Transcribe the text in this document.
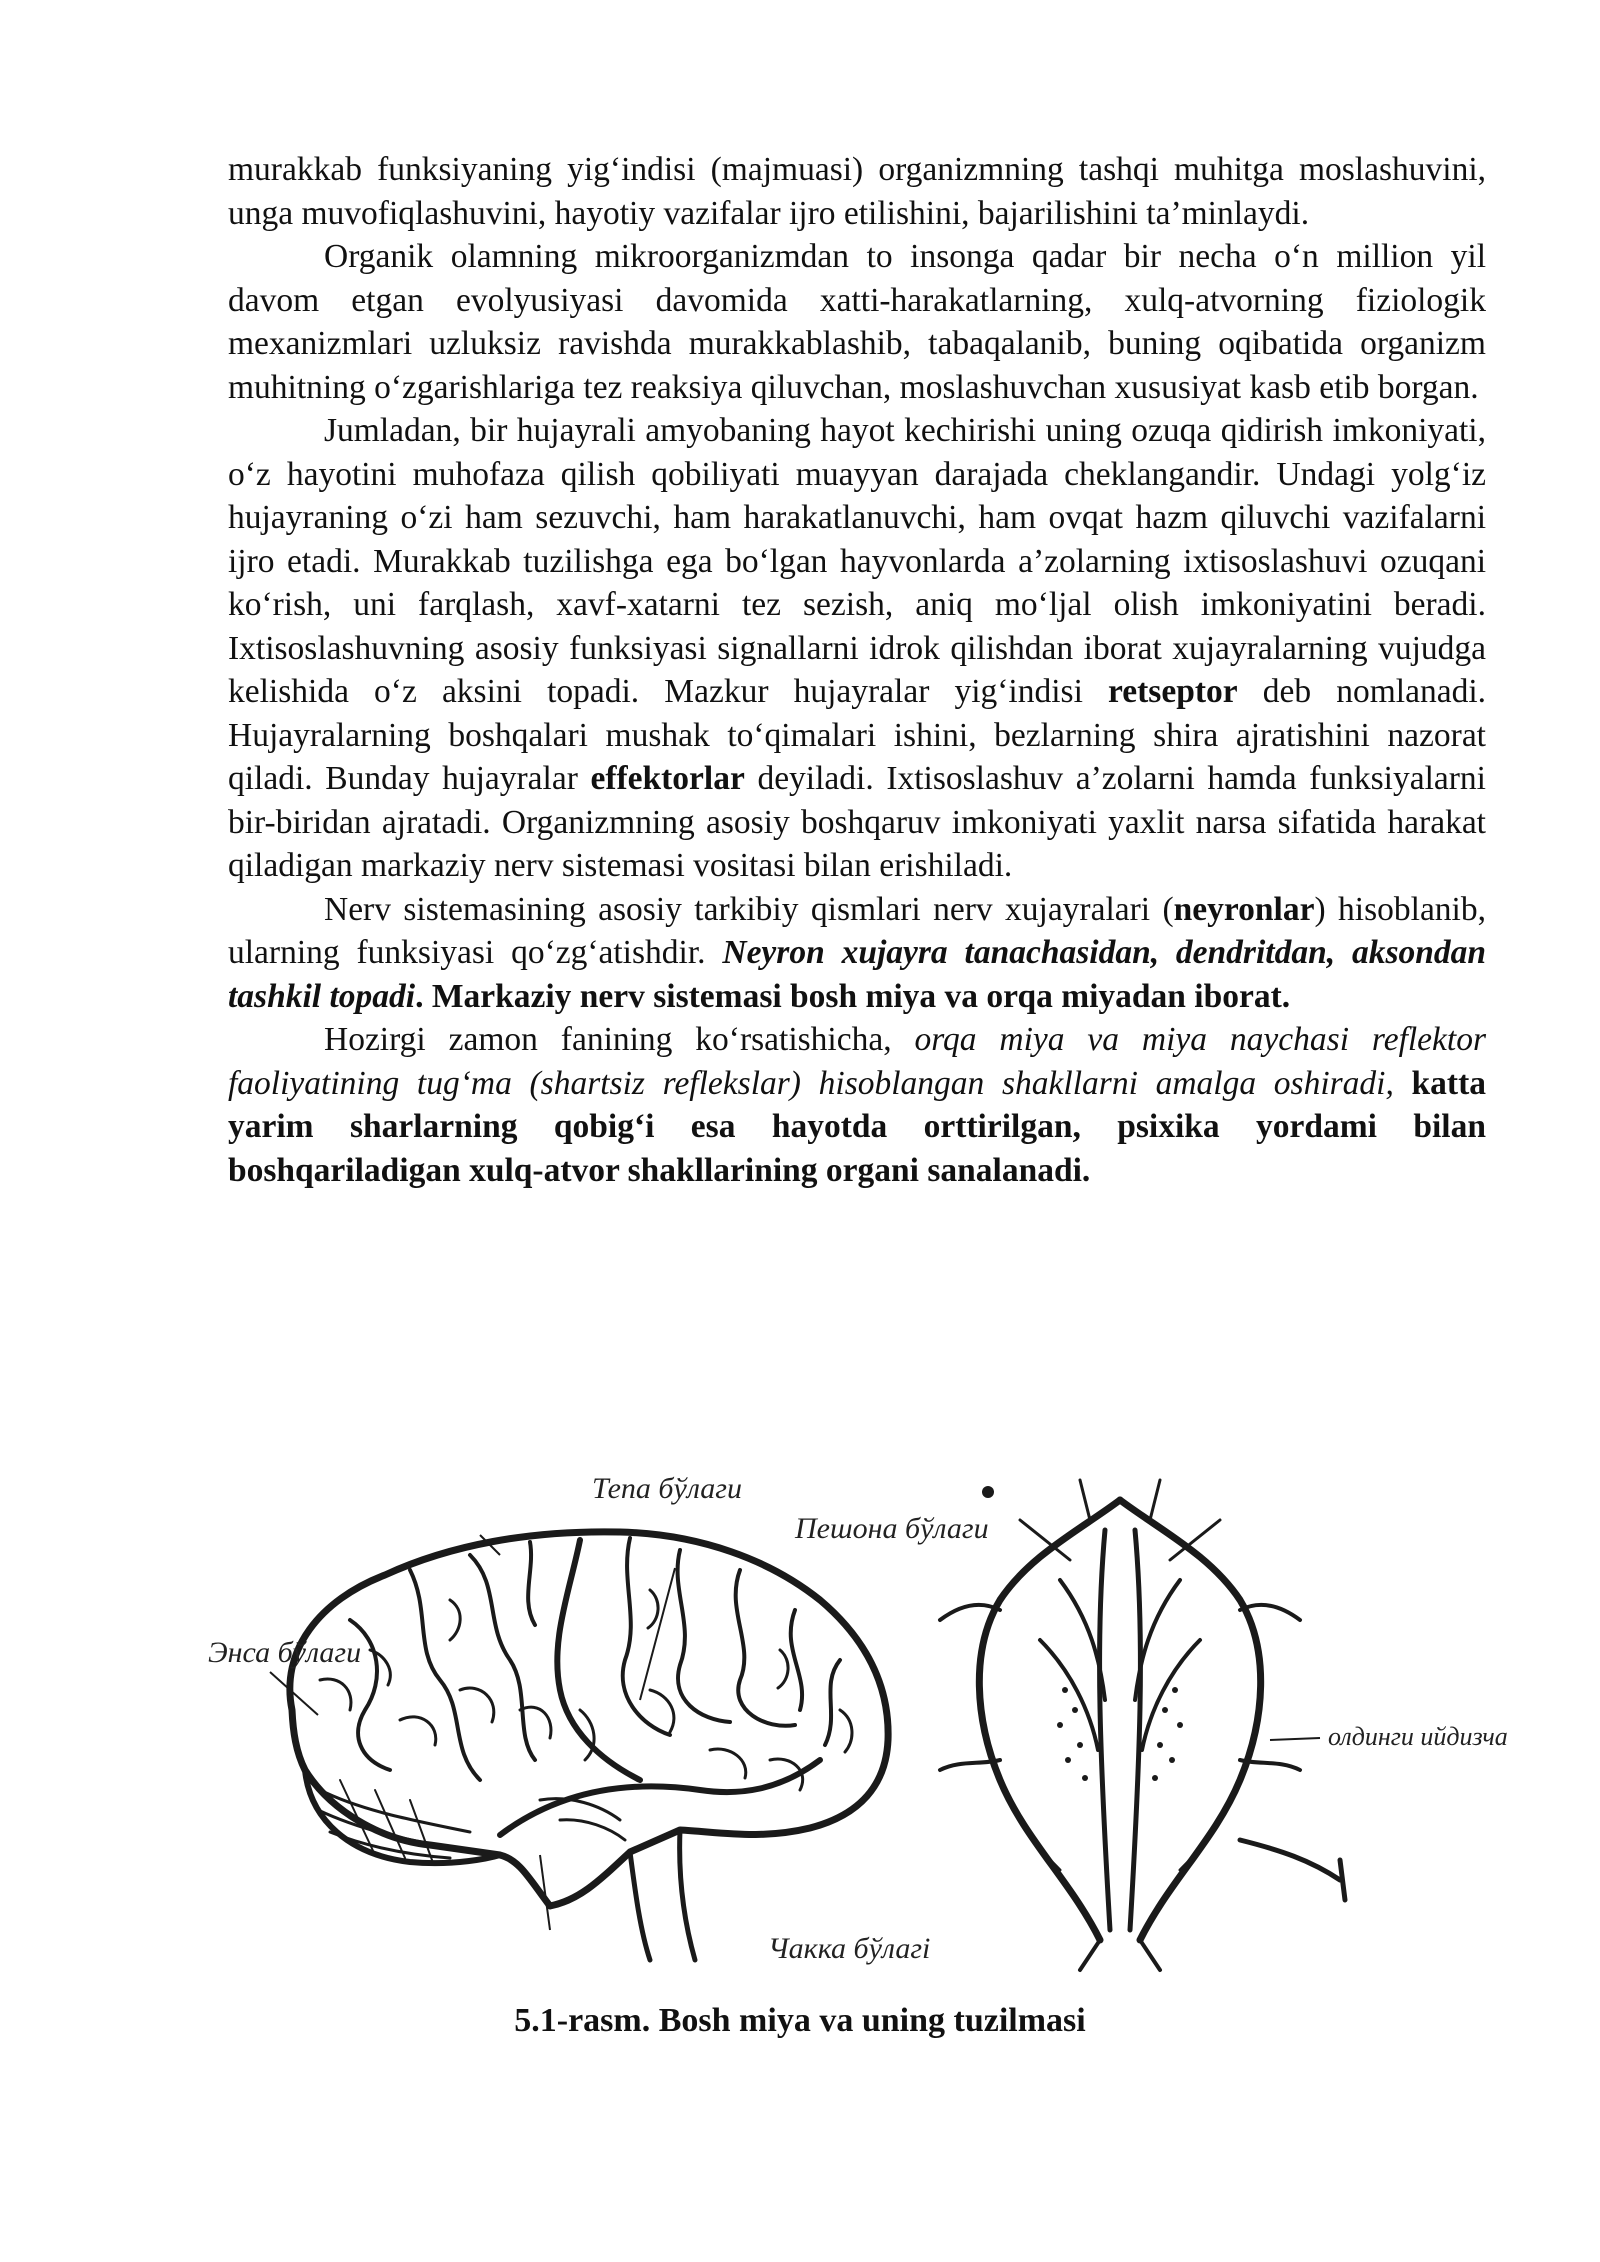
murakkab funksiyaning yig‘indisi (majmuasi) organizmning tashqi muhitga moslashuvini, unga muvofiqlashuvini, hayotiy vazifalar ijro etilishini, bajarilishini ta’minlaydi.

Organik olamning mikroorganizmdan to insonga qadar bir necha o‘n million yil davom etgan evolyusiyasi davomida xatti-harakatlarning, xulq-atvorning fiziologik mexanizmlari uzluksiz ravishda murakkablashib, tabaqalanib, buning oqibatida organizm muhitning o‘zgarishlariga tez reaksiya qiluvchan, moslashuvchan xususiyat kasb etib borgan.

Jumladan, bir hujayrali amyobaning hayot kechirishi uning ozuqa qidirish imkoniyati, o‘z hayotini muhofaza qilish qobiliyati muayyan darajada cheklangandir. Undagi yolg‘iz hujayraning o‘zi ham sezuvchi, ham harakatlanuvchi, ham ovqat hazm qiluvchi vazifalarni ijro etadi. Murakkab tuzilishga ega bo‘lgan hayvonlarda a’zolarning ixtisoslashuvi ozuqani ko‘rish, uni farqlash, xavf-xatarni tez sezish, aniq mo‘ljal olish imkoniyatini beradi. Ixtisoslashuvning asosiy funksiyasi signallarni idrok qilishdan iborat xujayralarning vujudga kelishida o‘z aksini topadi. Mazkur hujayralar yig‘indisi retseptor deb nomlanadi. Hujayralarning boshqalari mushak to‘qimalari ishini, bezlarning shira ajratishini nazorat qiladi. Bunday hujayralar effektorlar deyiladi. Ixtisoslashuv a’zolarni hamda funksiyalarni bir-biridan ajratadi. Organizmning asosiy boshqaruv imkoniyati yaxlit narsa sifatida harakat qiladigan markaziy nerv sistemasi vositasi bilan erishiladi.

Nerv sistemasining asosiy tarkibiy qismlari nerv xujayralari (neyronlar) hisoblanib, ularning funksiyasi qo‘zg‘atishdir. Neyron xujayra tanachasidan, dendritdan, aksondan tashkil topadi. Markaziy nerv sistemasi bosh miya va orqa miyadan iborat.

Hozirgi zamon fanining ko‘rsatishicha, orqa miya va miya naychasi reflektor faoliyatining tug‘ma (shartsiz reflekslar) hisoblangan shakllarni amalga oshiradi, katta yarim sharlarning qobig‘i esa hayotda orttirilgan, psixika yordami bilan boshqariladigan xulq-atvor shakllarining organi sanalanadi.

Тепа бўлаги
Пешона бўлаги
Энса бўлаги
Чакка бўлагі
олдинги ийдизча
5.1-rasm. Bosh miya va uning tuzilmasi
